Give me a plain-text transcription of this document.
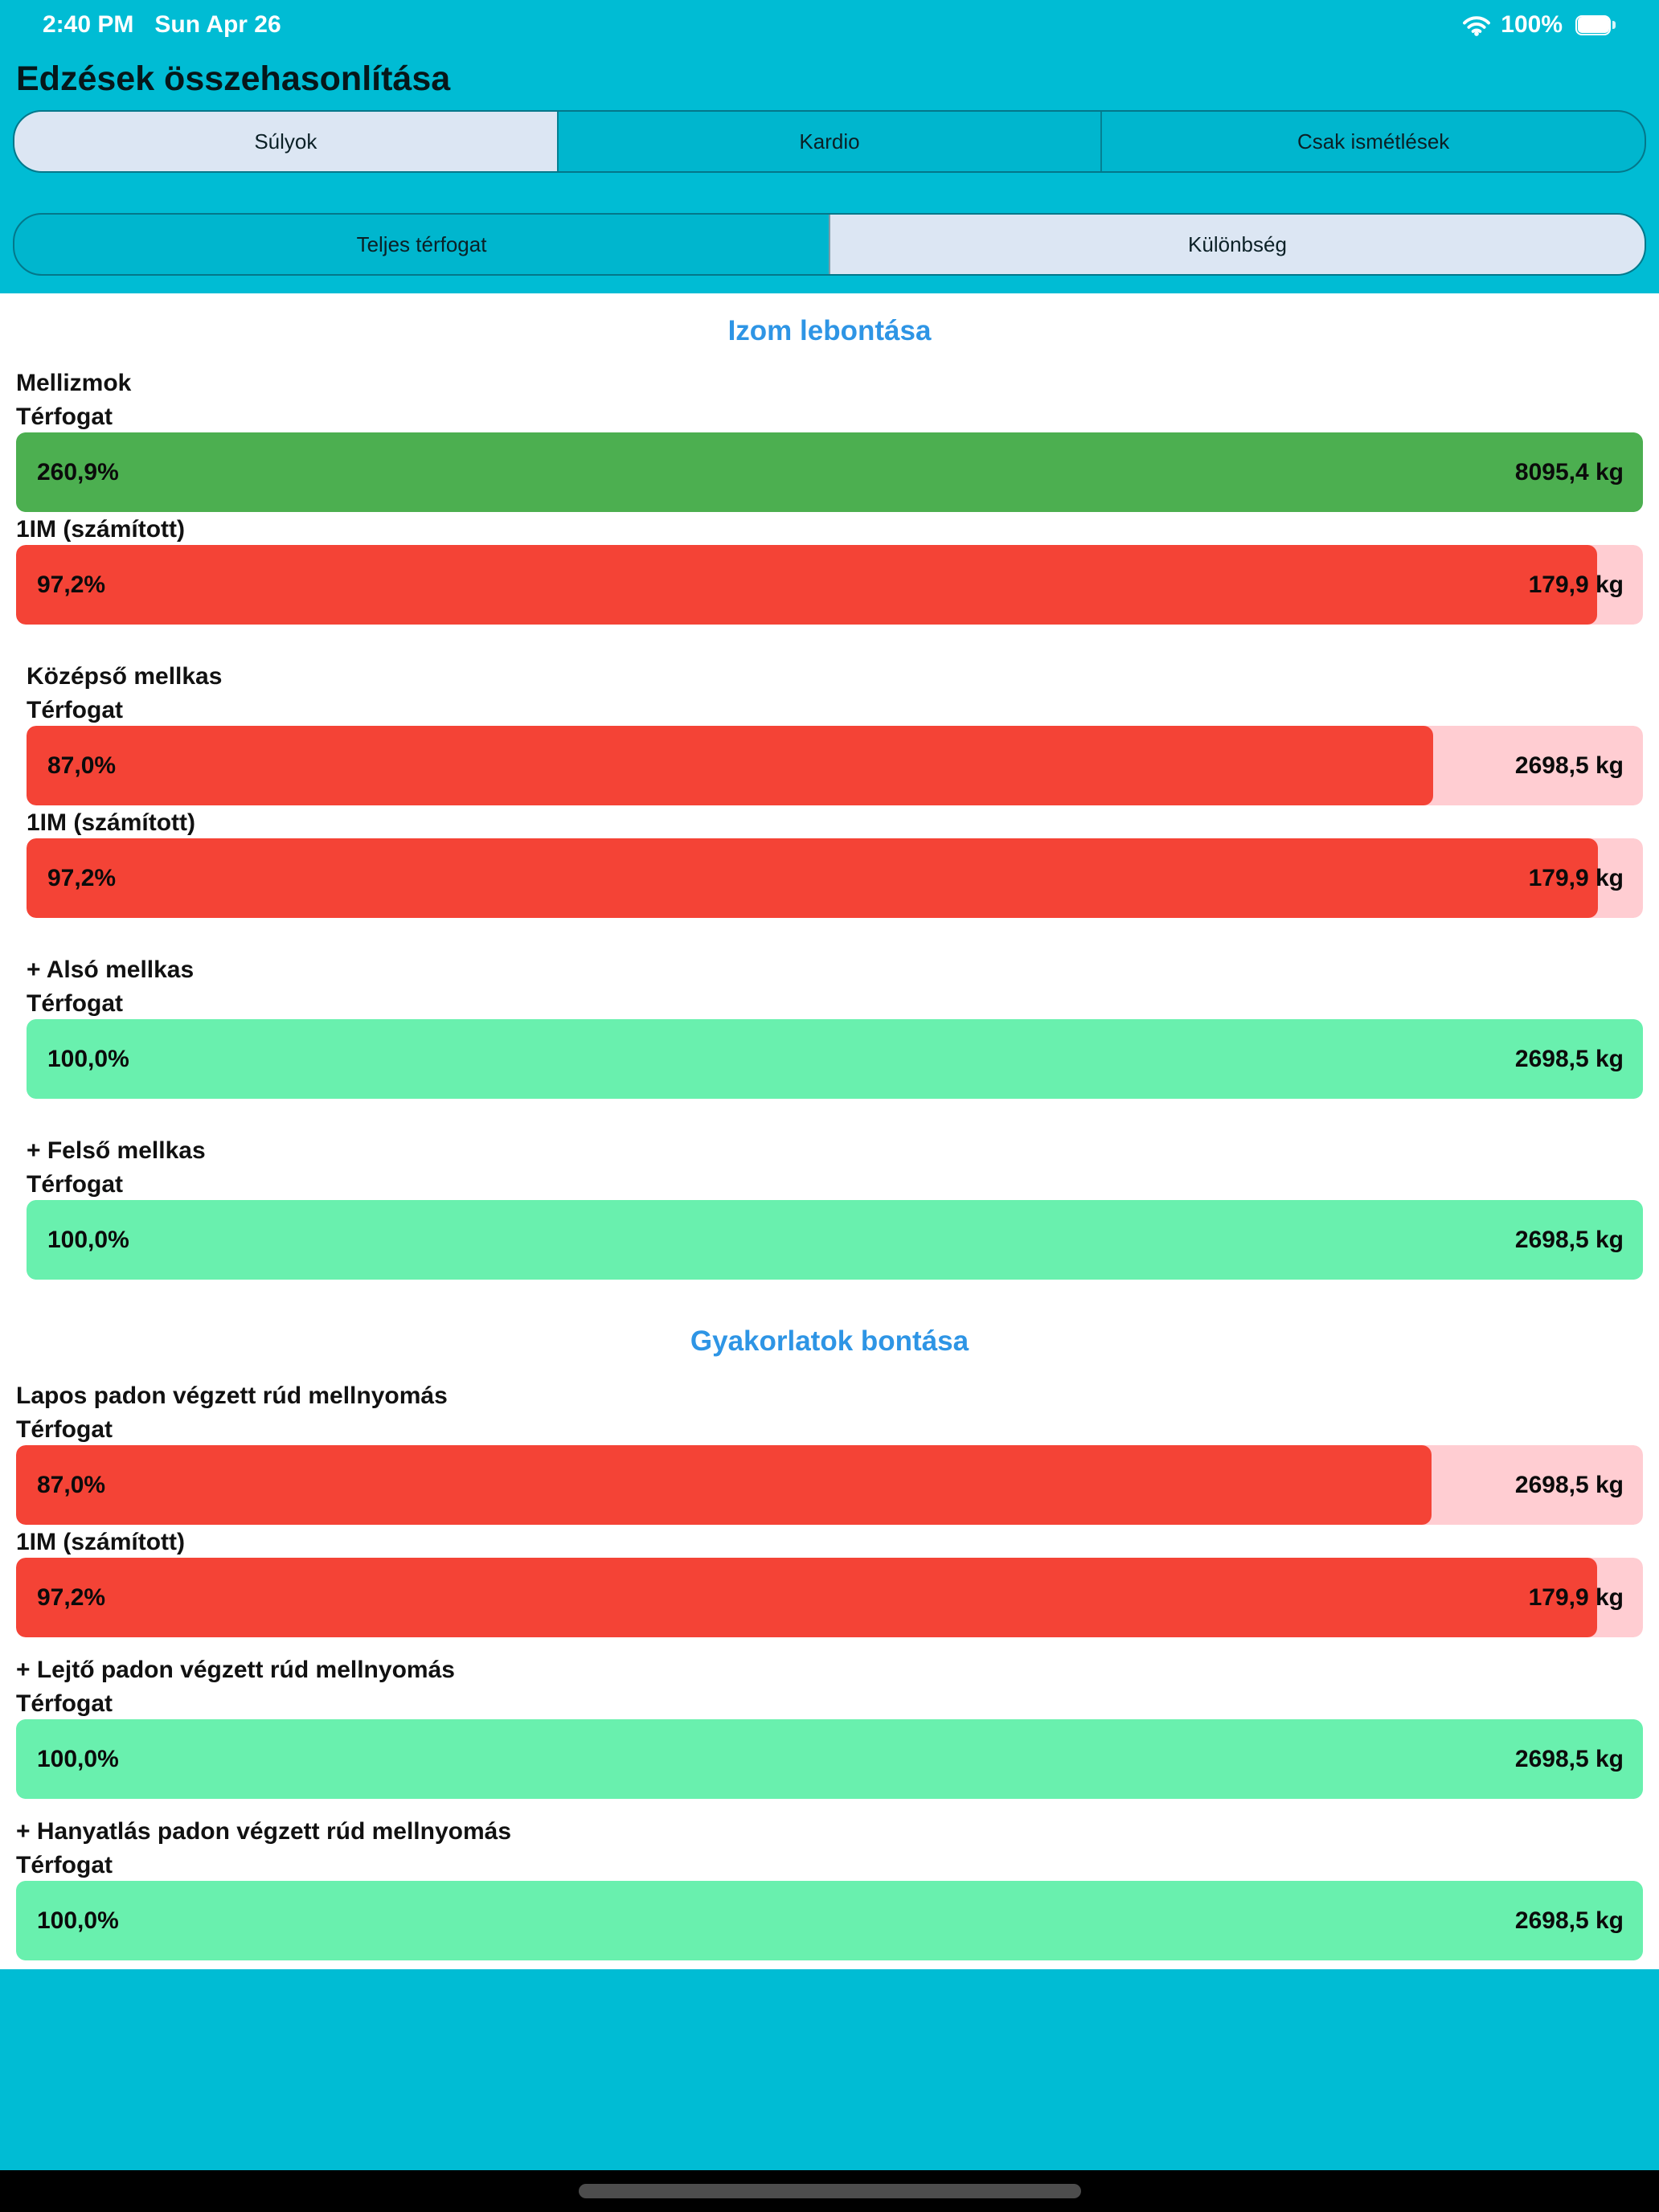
2:40 PM Sun Apr 26	100%
Edzések összehasonlítása
Súlyok	Kardio	Csak ismétlések
Teljes térfogat	Különbség
Izom lebontása
Mellizmok
Térfogat
260,9%	8095,4 kg
1IM (számított)
97,2%	179,9 kg
Középső mellkas
Térfogat
87,0%	2698,5 kg
1IM (számított)
97,2%	179,9 kg
+ Alsó mellkas
Térfogat
100,0%	2698,5 kg
+ Felső mellkas
Térfogat
100,0%	2698,5 kg
Gyakorlatok bontása
Lapos padon végzett rúd mellnyomás
Térfogat
87,0%	2698,5 kg
1IM (számított)
97,2%	179,9 kg
+ Lejtő padon végzett rúd mellnyomás
Térfogat
100,0%	2698,5 kg
+ Hanyatlás padon végzett rúd mellnyomás
Térfogat
100,0%	2698,5 kg
